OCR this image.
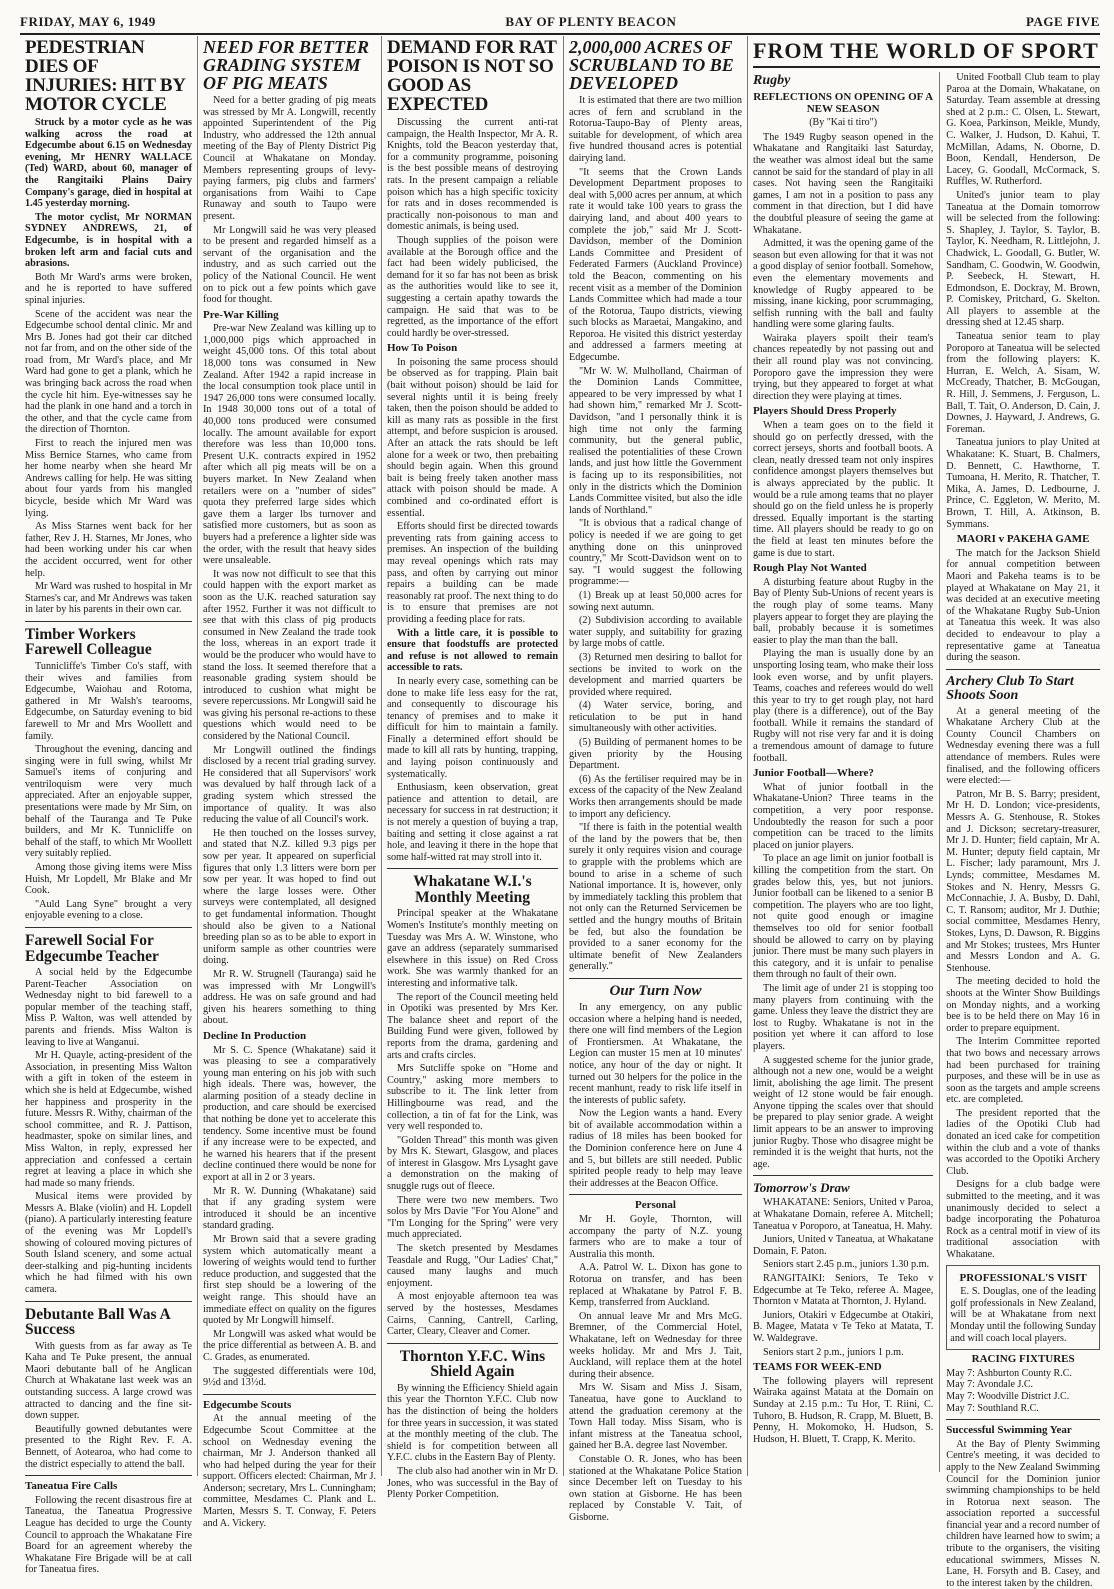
FRIDAY, MAY 6, 1949	BAY OF PLENTY BEACON	PAGE FIVE
PEDESTRIAN DIES OF INJURIES: HIT BY MOTOR CYCLE

Struck by a motor cycle as he was walking across the road at Edgecumbe about 6.15 on Wednesday evening, Mr HENRY WALLACE (Ted) WARD, about 60, manager of the Rangitaiki Plains Dairy Company's garage, died in hospital at 1.45 yesterday morning.

The motor cyclist, Mr NORMAN SYDNEY ANDREWS, 21, of Edgecumbe, is in hospital with a broken left arm and facial cuts and abrasions.

Both Mr Ward's arms were broken, and he is reported to have suffered spinal injuries.

Scene of the accident was near the Edgecumbe school dental clinic. Mr and Mrs B. Jones had got their car ditched not far from, and on the other side of the road from, Mr Ward's place, and Mr Ward had gone to get a plank, which he was bringing back across the road when the cycle hit him. Eye-witnesses say he had the plank in one hand and a torch in the other, and that the cycle came from the direction of Thornton.

First to reach the injured men was Miss Bernice Starnes, who came from her home nearby when she heard Mr Andrews calling for help. He was sitting about four yards from his mangled bicycle, beside which Mr Ward was lying.

As Miss Starnes went back for her father, Rev J. H. Starnes, Mr Jones, who had been working under his car when the accident occurred, went for other help.

Mr Ward was rushed to hospital in Mr Starnes's car, and Mr Andrews was taken in later by his parents in their own car.

Timber Workers Farewell Colleague

Tunnicliffe's Timber Co's staff, with their wives and families from Edgecumbe, Waiohau and Rotoma, gathered in Mr Walsh's tearooms, Edgecumbe, on Saturday evening to bid farewell to Mr and Mrs Woollett and family.

Throughout the evening, dancing and singing were in full swing, whilst Mr Samuel's items of conjuring and ventriloquism were very much appreciated. After an enjoyable supper, presentations were made by Mr Sim, on behalf of the Tauranga and Te Puke builders, and Mr K. Tunnicliffe on behalf of the staff, to which Mr Woollett very suitably replied.

Among those giving items were Miss Huish, Mr Lopdell, Mr Blake and Mr Cook.

"Auld Lang Syne" brought a very enjoyable evening to a close.

Farewell Social For Edgecumbe Teacher

A social held by the Edgecumbe Parent-Teacher Association on Wednesday night to bid farewell to a popular member of the teaching staff, Miss P. Walton, was well attended by parents and friends. Miss Walton is leaving to live at Wanganui.

Mr H. Quayle, acting-president of the Association, in presenting Miss Walton with a gift in token of the esteem in which she is held at Edgecumbe, wished her happiness and prosperity in the future. Messrs R. Withy, chairman of the school committee, and R. J. Pattison, headmaster, spoke on similar lines, and Miss Walton, in reply, expressed her appreciation and confessed a certain regret at leaving a place in which she had made so many friends.

Musical items were provided by Messrs A. Blake (violin) and H. Lopdell (piano). A particularly interesting feature of the evening was Mr Lopdell's showing of coloured moving pictures of South Island scenery, and some actual deer-stalking and pig-hunting incidents which he had filmed with his own camera.

Debutante Ball Was A Success

With guests from as far away as Te Kaha and Te Puke present, the annual Maori debutante ball of he Anglican Church at Whakatane last week was an outstanding success. A large crowd was attracted to dancing and the fine sit-down supper.

Beautifully gowned debutantes were presented to the Right Rev. F. A. Bennett, of Aotearoa, who had come to the district especially to attend the ball.

Taneatua Fire Calls

Following the recent disastrous fire at Taneatua, the Taneatua Progressive League has decided to urge the County Council to approach the Whakatane Fire Board for an agreement whereby the Whakatane Fire Brigade will be at call for Taneatua fires.

NEED FOR BETTER GRADING SYSTEM OF PIG MEATS

Need for a better grading of pig meats was stressed by Mr A. Longwill, recently appointed Superintendent of the Pig Industry, who addressed the 12th annual meeting of the Bay of Plenty District Pig Council at Whakatane on Monday. Members representing groups of levy-paying farmers, pig clubs and farmers' organisations from Waihi to Cape Runaway and south to Taupo were present.

Mr Longwill said he was very pleased to be present and regarded himself as a servant of the organisation and the industry, and as such carried out the policy of the National Council. He went on to pick out a few points which gave food for thought.

Pre-War Killing

Pre-war New Zealand was killing up to 1,000,000 pigs which approached in weight 45,000 tons. Of this total about 18,000 tons was consumed in New Zealand. After 1942 a rapid increase in the local consumption took place until in 1947 26,000 tons were consumed locally. In 1948 30,000 tons out of a total of 40,000 tons produced were consumed locally. The amount available for export therefore was less than 10,000 tons. Present U.K. contracts expired in 1952 after which all pig meats will be on a buyers market. In New Zealand when retailers were on a "number of sides" quota they preferred large sides which gave them a larger lbs turnover and satisfied more customers, but as soon as buyers had a preference a lighter side was the order, with the result that heavy sides were unsaleable.

It was now not difficult to see that this could happen with the export market as soon as the U.K. reached saturation say after 1952. Further it was not difficult to see that with this class of pig products consumed in New Zealand the trade took the loss, whereas in an export trade it would be the producer who would have to stand the loss. It seemed therefore that a reasonable grading system should be introduced to cushion what might be severe repercussions. Mr Longwill said he was giving his personal re-actions to these questions which would need to be considered by the National Council.

Mr Longwill outlined the findings disclosed by a recent trial grading survey. He considered that all Supervisors' work was devalued by half through lack of a grading system which stressed the importance of quality. It was also reducing the value of all Council's work.

He then touched on the losses survey, and stated that N.Z. killed 9.3 pigs per sow per year. It appeared on superficial figures that only 1.3 litters were born per sow per year. It was hoped to find out where the large losses were. Other surveys were contemplated, all designed to get fundamental information. Thought should also be given to a National breeding plan so as to be able to export in uniform sample as other countries were doing.

Mr R. W. Strugnell (Tauranga) said he was impressed with Mr Longwill's address. He was on safe ground and had given his hearers something to thing about.

Decline In Production

Mr S. C. Spence (Whakatane) said it was pleasing to see a comparatively young man entering on his job with such high ideals. There was, however, the alarming position of a steady decline in production, and care should be exercised that nothing be done yet to accelerate this tendency. Some incentive must be found if any increase were to be expected, and he warned his hearers that if the present decline continued there would be none for export at all in 2 or 3 years.

Mr R. W. Dunning (Whakatane) said that if any grading system were introduced it should be an incentive standard grading.

Mr Brown said that a severe grading system which automatically meant a lowering of weights would tend to further reduce production, and suggested that the first step should be a lowering of the weight range. This should have an immediate effect on quality on the figures quoted by Mr Longwill himself.

Mr Longwill was asked what would be the price differential as between A. B. and C. Grades, as enumerated.

The suggested differentials were 10d, 9½d and 13½d.

Edgecumbe Scouts

At the annual meeting of the Edgecumbe Scout Committee at the school on Wednesday evening the chairman, Mr J. Anderson thanked all who had helped during the year for their support. Officers elected: Chairman, Mr J. Anderson; secretary, Mrs L. Cunningham; committee, Mesdames C. Plank and L. Marten, Messrs S. T. Conway, F. Peters and A. Vickery.

DEMAND FOR RAT POISON IS NOT SO GOOD AS EXPECTED

Discussing the current anti-rat campaign, the Health Inspector, Mr A. R. Knights, told the Beacon yesterday that, for a community programme, poisoning is the best possible means of destroying rats. In the present campaign a reliable poison which has a high specific toxicity for rats and in doses recommended is practically non-poisonous to man and domestic animals, is being used.

Though supplies of the poison were available at the Borough office and the fact had been widely publicised, the demand for it so far has not been as brisk as the authorities would like to see it, suggesting a certain apathy towards the campaign. He said that was to be regretted, as the importance of the effort could hardly be over-stressed.

How To Poison

In poisoning the same process should be observed as for trapping. Plain bait (bait without poison) should be laid for several nights until it is being freely taken, then the poison should be added to kill as many rats as possible in the first attempt, and before suspicion is aroused. After an attack the rats should be left alone for a week or two, then prebaiting should begin again. When this ground bait is being freely taken another mass attack with poison should be made. A combined and co-ordinated effort is essential.

Efforts should first be directed towards preventing rats from gaining access to premises. An inspection of the building may reveal openings which rats may pass, and often by carrying out minor repairs a building can be made reasonably rat proof. The next thing to do is to ensure that premises are not providing a feeding place for rats.

With a little care, it is possible to ensure that foodstuffs are protected and refuse is not allowed to remain accessible to rats.

In nearly every case, something can be done to make life less easy for the rat, and consequently to discourage his tenancy of premises and to make it difficult for him to maintain a family. Finally a determined effort should be made to kill all rats by hunting, trapping, and laying poison continuously and systematically.

Enthusiasm, keen observation, great patience and attention to detail, are necessary for success in rat destruction; it is not merely a question of buying a trap, baiting and setting it close against a rat hole, and leaving it there in the hope that some half-witted rat may stroll into it.

Whakatane W.I.'s Monthly Meeting

Principal speaker at the Whakatane Women's Institute's monthly meeting on Tuesday was Mrs A. W. Winstone, who gave an address (separately summarised elsewhere in this issue) on Red Cross work. She was warmly thanked for an interesting and informative talk.

The report of the Council meeting held in Opotiki was presented by Mrs Ker. The balance sheet and report of the Building Fund were given, followed by reports from the drama, gardening and arts and crafts circles.

Mrs Sutcliffe spoke on "Home and Country," asking more members to subscribe to it. The link letter from Hillingbourne was read, and the collection, a tin of fat for the Link, was very well responded to.

"Golden Thread" this month was given by Mrs K. Stewart, Glasgow, and places of interest in Glasgow. Mrs Lysaght gave a demonstration on the making of snuggle rugs out of fleece.

There were two new members. Two solos by Mrs Davie "For You Alone" and "I'm Longing for the Spring" were very much appreciated.

The sketch presented by Mesdames Teasdale and Rugg, "Our Ladies' Chat," caused many laughs and much enjoyment.

A most enjoyable afternoon tea was served by the hostesses, Mesdames Cairns, Canning, Cantrell, Carling, Carter, Cleary, Cleaver and Comer.

Thornton Y.F.C. Wins Shield Again

By winning the Efficiency Shield again this year the Thornton Y.F.C. Club now has the distinction of being the holders for three years in succession, it was stated at the monthly meeting of the club. The shield is for competition between all Y.F.C. clubs in the Eastern Bay of Plenty.

The club also had another win in Mr D. Jones, who was successful in the Bay of Plenty Porker Competition.

2,000,000 ACRES OF SCRUBLAND TO BE DEVELOPED

It is estimated that there are two million acres of fern and scrubland in the Rotorua-Taupo-Bay of Plenty areas, suitable for development, of which area five hundred thousand acres is potential dairying land.

"It seems that the Crown Lands Development Department proposes to deal with 5,000 acres per annum, at which rate it would take 100 years to grass the dairying land, and about 400 years to complete the job," said Mr J. Scott-Davidson, member of the Dominion Lands Committee and President of Federated Farmers (Auckland Province) told the Beacon, commenting on his recent visit as a member of the Dominion Lands Committee which had made a tour of the Rotorua, Taupo districts, viewing such blocks as Maraetai, Mangakino, and Reporoa. He visited this district yesterday and addressed a farmers meeting at Edgecumbe.

"Mr W. W. Mulholland, Chairman of the Dominion Lands Committee, appeared to be very impressed by what I had shown him," remarked Mr J. Scott-Davidson, "and I personally think it is high time not only the farming community, but the general public, realised the potentialities of these Crown lands, and just how little the Government is facing up to its responsibilities, not only in the districts which the Dominion Lands Committee visited, but also the idle lands of Northland."

"It is obvious that a radical change of policy is needed if we are going to get anything done on this uninproved country," Mr Scott-Davidson went on to say. "I would suggest the following programme:—

(1) Break up at least 50,000 acres for sowing next autumn.

(2) Subdivision according to available water supply, and suitability for grazing by large mobs of cattle.

(3) Returned men desiring to ballot for sections be invited to work on the development and married quarters be provided where required.

(4) Water service, boring, and reticulation to be put in hand simultaneously with other activities.

(5) Building of permanent homes to be given priority by the Housing Department.

(6) As the fertiliser required may be in excess of the capacity of the New Zealand Works then arrangements should be made to import any deficiency.

"If there is faith in the potential wealth of the land by the powers that be, then surely it only requires vision and courage to grapple with the problems which are bound to arise in a scheme of such National importance. It is, however, only by immediately tackling this problem that not only can the Returned Servicemen be settled and the hungry mouths of Britain be fed, but also the foundation be provided to a saner economy for the ultimate benefit of New Zealanders generally."

Our Turn Now

In any emergency, on any public occasion where a helping hand is needed, there one will find members of the Legion of Frontiersmen. At Whakatane, the Legion can muster 15 men at 10 minutes' notice, any hour of the day or night. It turned out 30 helpers for the police in the recent manhunt, ready to risk life itself in the interests of public safety.

Now the Legion wants a hand. Every bit of available accommodation within a radius of 18 miles has been booked for the Dominion conference here on June 4 and 5, but billets are still needed. Public spirited people ready to help may leave their addresses at the Beacon Office.

Personal

Mr H. Goyle, Thornton, will accompany the party of N.Z. young farmers who are to make a tour of Australia this month.

A.A. Patrol W. L. Dixon has gone to Rotorua on transfer, and has been replaced at Whakatane by Patrol F. B. Kemp, transferred from Auckland.

On annual leave Mr and Mrs McG. Bremner, of the Commercial Hotel, Whakatane, left on Wednesday for three weeks holiday. Mr and Mrs J. Tait, Auckland, will replace them at the hotel during their absence.

Mrs W. Sisam and Miss J. Sisam, Taneatua, have gone to Auckland to attend the graduation ceremony at the Town Hall today. Miss Sisam, who is infant mistress at the Taneatua school, gained her B.A. degree last November.

Constable O. R. Jones, who has been stationed at the Whakatane Police Station since December left on Tuesday to his own station at Gisborne. He has been replaced by Constable V. Tait, of Gisborne.

FROM THE WORLD OF SPORT
Rugby
REFLECTIONS ON OPENING OF A NEW SEASON
(By "Kai ti tiro")

The 1949 Rugby season opened in the Whakatane and Rangitaiki last Saturday, the weather was almost ideal but the same cannot be said for the standard of play in all cases. Not having seen the Rangitaiki games, I am not in a position to pass any comment in that direction, but I did have the doubtful pleasure of seeing the game at Whakatane.

Admitted, it was the opening game of the season but even allowing for that it was not a good display of senior football. Somehow, even the elementary movements and knowledge of Rugby appeared to be missing, inane kicking, poor scrummaging, selfish running with the ball and faulty handling were some glaring faults.

Wairaka players spoilt their team's chances repeatedly by not passing out and their all round play was not convincing. Poroporo gave the impression they were trying, but they appeared to forget at what direction they were playing at times.

Players Should Dress Properly

When a team goes on to the field it should go on perfectly dressed, with the correct jerseys, shorts and football boots. A clean, neatly dressed team not only inspires confidence amongst players themselves but is always appreciated by the public. It would be a rule among teams that no player should go on the field unless he is properly dressed. Equally important is the starting time. All players should be ready to go on the field at least ten minutes before the game is due to start.

Rough Play Not Wanted

A disturbing feature about Rugby in the Bay of Plenty Sub-Unions of recent years is the rough play of some teams. Many players appear to forget they are playing the ball, probably because it is sometimes easier to play the man than the ball.

Playing the man is usually done by an unsporting losing team, who make their loss look even worse, and by unfit players. Teams, coaches and referees would do well this year to try to get rough play, not hard play (there is a difference), out of the Bay football. While it remains the standard of Rugby will not rise very far and it is doing a tremendous amount of damage to future football.

Junior Football—Where?

What of junior football in the Whakatane-Union? Three teams in the competition, a very poor response. Undoubtedly the reason for such a poor competition can be traced to the limits placed on junior players.

To place an age limit on junior football is killing the competition from the start. On grades below this, yes, but not juniors. Junior football can be likened to a senior B competition. The players who are too light, not quite good enough or imagine themselves too old for senior football should be allowed to carry on by playing junior. There must be many such players in this category, and it is unfair to penalise them through no fault of their own.

The limit age of under 21 is stopping too many players from continuing with the game. Unless they leave the district they are lost to Rugby. Whakatane is not in the position yet where it can afford to lose players.

A suggested scheme for the junior grade, although not a new one, would be a weight limit, abolishing the age limit. The present weight of 12 stone would be fair enough. Anyone tipping the scales over that should be prepared to play senior grade. A weight limit appears to be an answer to improving junior Rugby. Those who disagree might be reminded it is the weight that hurts, not the age.

Tomorrow's Draw

WHAKATANE: Seniors, United v Paroa, at Whakatane Domain, referee A. Mitchell; Taneatua v Poroporo, at Taneatua, H. Mahy.

Juniors, United v Taneatua, at Whakatane Domain, F. Paton.

Seniors start 2.45 p.m., juniors 1.30 p.m.

RANGITAIKI: Seniors, Te Teko v Edgecumbe at Te Teko, referee A. Magee, Thornton v Matata at Thornton, J. Hyland.

Juniors, Otakiri v Edgecumbe at Otakiri, B. Magee, Matata v Te Teko at Matata, T. W. Waldegrave.

Seniors start 2 p.m., juniors 1 p.m.

TEAMS FOR WEEK-END

The following players will represent Wairaka against Matata at the Domain on Sunday at 2.15 p.m.: Tu Hor, T. Riini, C. Tuhoro, B. Hudson, R. Crapp, M. Bluett, B. Penny, H. Mokomoko, H. Hudson, S. Hudson, H. Bluett, T. Crapp, K. Merito.

United Football Club team to play Paroa at the Domain, Whakatane, on Saturday. Team assemble at dressing shed at 2 p.m.: C. Olsen, L. Stewart, G. Koea, Parkinson, Meikle, Mundy, C. Walker, J. Hudson, D. Kahui, T. McMillan, Adams, N. Oborne, D. Boon, Kendall, Henderson, De Lacey, G. Goodall, McCormack, S. Ruffles, W. Rutherford.

United's junior team to play Taneatua at the Domain tomorrow will be selected from the following: S. Shapley, J. Taylor, S. Taylor, B. Taylor, K. Needham, R. Littlejohn, J. Chadwick, L. Goodall, G. Butler, W. Sandham, C. Goodwin, W. Goodwin, P. Seebeck, H. Stewart, H. Edmondson, E. Dockray, M. Brown, P. Comiskey, Pritchard, G. Skelton. All players to assemble at the dressing shed at 12.45 sharp.

Taneatua senior team to play Poroporo at Taneatua will be selected from the following players: K. Hurran, E. Welch, A. Sisam, W. McCready, Thatcher, B. McGougan, R. Hill, J. Semmens, J. Ferguson, L. Ball, T. Tait, O. Anderson, D. Cain, J. Downes, J. Hayward, J. Andrews, G. Foreman.

Taneatua juniors to play United at Whakatane: K. Stuart, B. Chalmers, D. Bennett, C. Hawthorne, T. Tumoana, H. Merito, R. Thatcher, T. Mika, A. James, D. Ledbourne, J. Prince, C. Eggleton, W. Merito, M. Brown, T. Hill, A. Atkinson, B. Symmans.

MAORI v PAKEHA GAME

The match for the Jackson Shield for annual competition between Maori and Pakeha teams is to be played at Whakatane on May 21, it was decided at an executive meeting of the Whakatane Rugby Sub-Union at Taneatua this week. It was also decided to endeavour to play a representative game at Taneatua during the season.

Archery Club To Start Shoots Soon

At a general meeting of the Whakatane Archery Club at the County Council Chambers on Wednesday evening there was a full attendance of members. Rules were finalised, and the following officers were elected:—

Patron, Mr B. S. Barry; president, Mr H. D. London; vice-presidents, Messrs A. G. Stenhouse, R. Stokes and J. Dickson; secretary-treasurer, Mr J. D. Hunter; field captain, Mr A. M. Hunter; deputy field captain, Mr L. Fischer; lady paramount, Mrs J. Lynds; committee, Mesdames M. Stokes and N. Henry, Messrs G. McConnachie, J. A. Busby, D. Dahl, C. T. Ransom; auditor, Mr J. Duthie; social committee, Mesdames Henry, Stokes, Lyns, D. Dawson, R. Biggins and Mr Stokes; trustees, Mrs Hunter and Messrs London and A. G. Stenhouse.

The meeting decided to hold the shoots at the Winter Show Buildings on Monday nights, and a working bee is to be held there on May 16 in order to prepare equipment.

The Interim Committee reported that two bows and necessary arrows had been purchased for training purposes, and these will be in use as soon as the targets and ample screens etc. are completed.

The president reported that the ladies of the Opotiki Club had donated an iced cake for competition within the club and a vote of thanks was accorded to the Opotiki Archery Club.

Designs for a club badge were submitted to the meeting, and it was unanimously decided to select a badge incorporating the Pohaturoa Rock as a central motif in view of its traditional association with Whakatane.

PROFESSIONAL'S VISIT

E. S. Douglas, one of the leading golf professionals in New Zealand, will be at Whakatane from next Monday until the following Sunday and will coach local players.

RACING FIXTURES
May 7: Ashburton County R.C.
May 7: Avondale J.C.
May 7: Woodville District J.C.
May 7: Southland R.C.
Successful Swimming Year

At the Bay of Plenty Swimming Centre's meeting, it was decided to apply to the New Zealand Swimming Council for the Dominion junior swimming championships to be held in Rotorua next season. The association reported a successful financial year and a record number of children have learned how to swim; a tribute to the organisers, the visiting educational swimmers, Misses N. Lane, H. Forsyth and B. Casey, and to the interest taken by the children.
